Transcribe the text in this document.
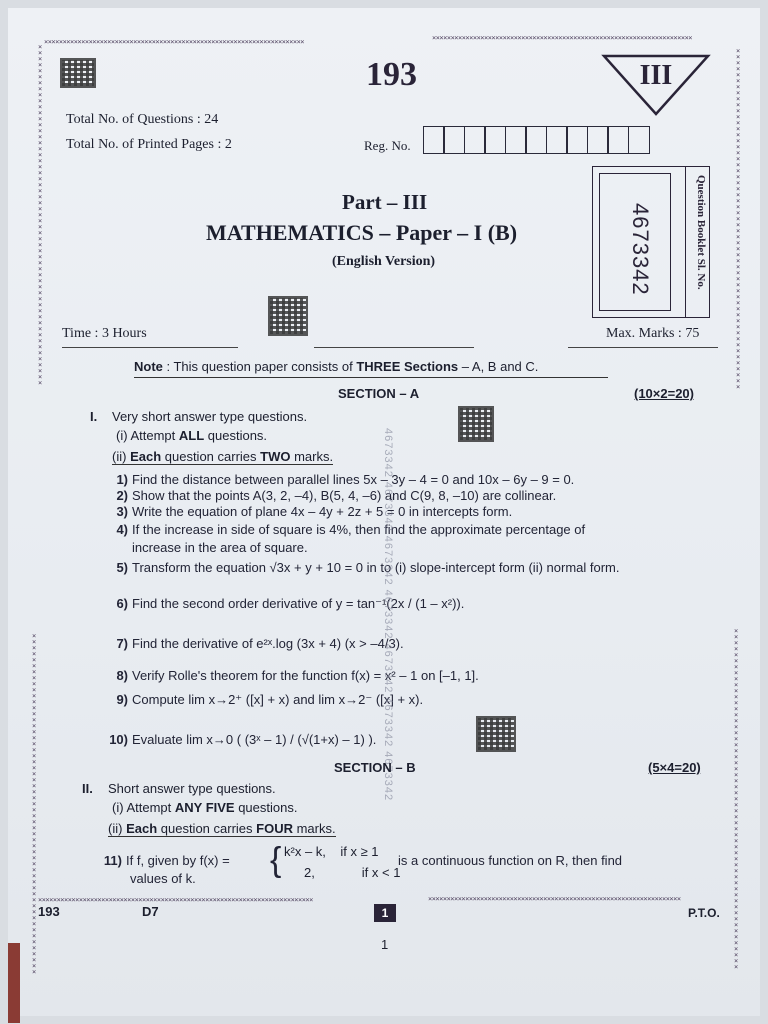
××××××××××××××××××××××××××××××××××××××××××××××××××××××××××××××××××××××	××××××××××××××××××××××××××××××××××××××××××××××××××××××××××××××××××××××
×××××××××××××××××××××××××××××××××××××××××××××××××××××××××
×××××××××××××××××××××××××××××××××××××××××××××××××××××××××
×××××××××××××××××××××××××××××××××××××××××××××××××××××××××
×××××××××××××××××××××××××××××××××××××××××××××××××××××××××
××××××××××××××××××××××××××××××××××××××××××××××××××××××××××××××××××××××××××	××××××××××××××××××××××××××××××××××××××××××××××××××××××××××××××××××××
193	III
Total No. of Questions : 24
Total No. of Printed Pages : 2	Reg. No.
4673342	Question Booklet Sl. No.
Part – III
MATHEMATICS – Paper – I (B)
(English Version)
Time : 3 Hours	Max. Marks : 75
Note : This question paper consists of THREE Sections – A, B and C.
SECTION – A	(10×2=20)
I. Very short answer type questions.
(i) Attempt ALL questions.
(ii) Each question carries TWO marks.
1) Find the distance between parallel lines 5x – 3y – 4 = 0 and 10x – 6y – 9 = 0.
2) Show that the points A(3, 2, –4), B(5, 4, –6) and C(9, 8, –10) are collinear.
3) Write the equation of plane 4x – 4y + 2z + 5 = 0 in intercepts form.
4) If the increase in side of square is 4%, then find the approximate percentage of
increase in the area of square.
5) Transform the equation √3x + y + 10 = 0 in to (i) slope-intercept form (ii) normal form.
6) Find the second order derivative of y = tan⁻¹(2x / (1 – x²)).
7) Find the derivative of e²ˣ.log (3x + 4) (x > –4/3).
8) Verify Rolle's theorem for the function f(x) = x² – 1 on [–1, 1].
9) Compute lim x→2⁺ ([x] + x) and lim x→2⁻ ([x] + x).
10) Evaluate lim x→0 ( (3ˣ – 1) / (√(1+x) – 1) ). 4673342 4673342 4673342 4673342 4673342 4673342 4673342
SECTION – B	(5×4=20)
II. Short answer type questions.
(i) Attempt ANY FIVE questions.
(ii) Each question carries FOUR marks.
11) If f, given by f(x) = { k²x – k,    if x ≥ 1
2,             if x < 1
is a continuous function on R, then find
values of k.
193	D7	1	P.T.O.
1
